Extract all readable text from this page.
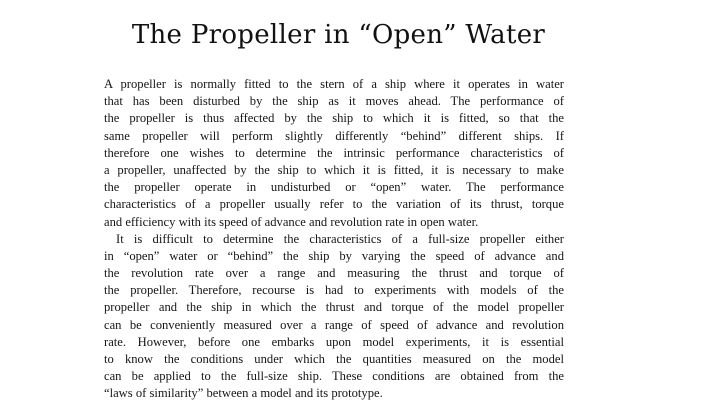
The Propeller in “Open” Water
A propeller is normally fitted to the stern of a ship where it operates in water
that has been disturbed by the ship as it moves ahead. The performance of
the propeller is thus affected by the ship to which it is fitted, so that the
same propeller will perform slightly differently “behind” different ships. If
therefore one wishes to determine the intrinsic performance characteristics of
a propeller, unaffected by the ship to which it is fitted, it is necessary to make
the propeller operate in undisturbed or “open” water. The performance
characteristics of a propeller usually refer to the variation of its thrust, torque
and efficiency with its speed of advance and revolution rate in open water.
It is difficult to determine the characteristics of a full-size propeller either
in “open” water or “behind” the ship by varying the speed of advance and
the revolution rate over a range and measuring the thrust and torque of
the propeller. Therefore, recourse is had to experiments with models of the
propeller and the ship in which the thrust and torque of the model propeller
can be conveniently measured over a range of speed of advance and revolution
rate. However, before one embarks upon model experiments, it is essential
to know the conditions under which the quantities measured on the model
can be applied to the full-size ship. These conditions are obtained from the
“laws of similarity” between a model and its prototype.
